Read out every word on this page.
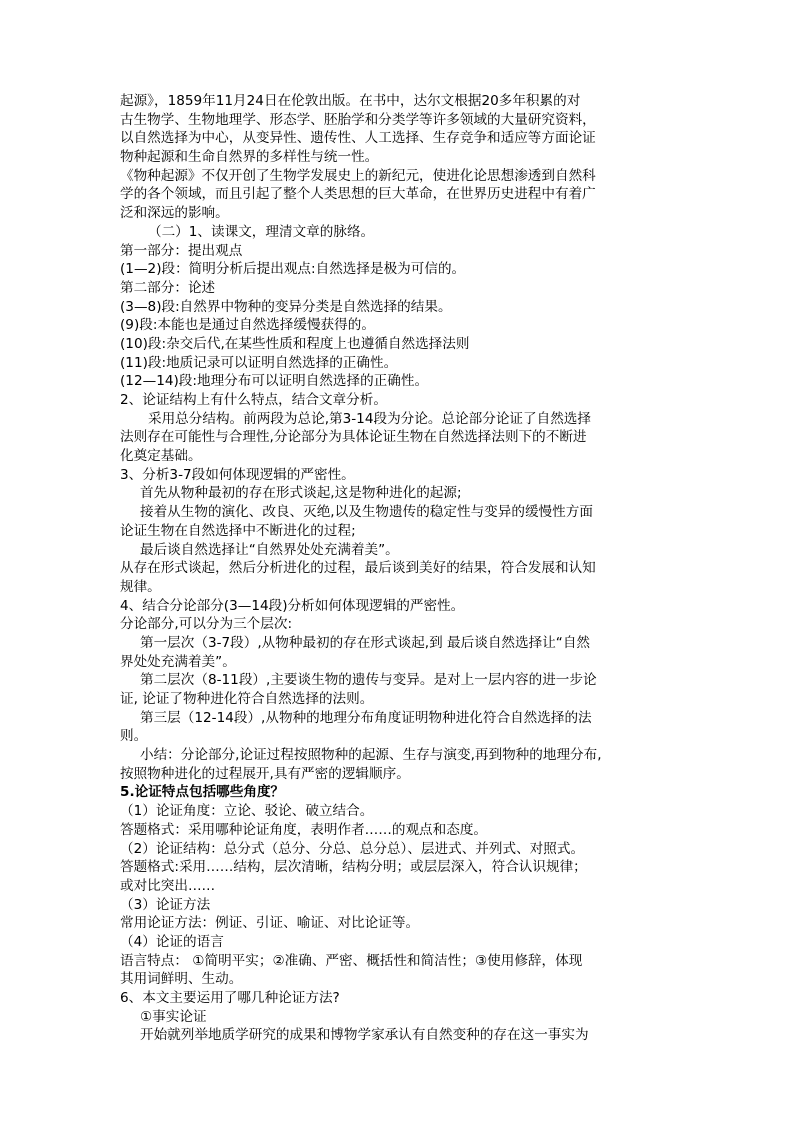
起源》，1859年11月24日在伦敦出版。在书中，达尔文根据20多年积累的对
古生物学、生物地理学、形态学、胚胎学和分类学等许多领域的大量研究资料，
以自然选择为中心，从变异性、遗传性、人工选择、生存竞争和适应等方面论证
物种起源和生命自然界的多样性与统一性。
《物种起源》不仅开创了生物学发展史上的新纪元，使进化论思想渗透到自然科
学的各个领域，而且引起了整个人类思想的巨大革命，在世界历史进程中有着广
泛和深远的影响。
（二）1、读课文，理清文章的脉络。
第一部分：提出观点
(1—2)段：简明分析后提出观点:自然选择是极为可信的。
第二部分：论述
(3—8)段:自然界中物种的变异分类是自然选择的结果。
(9)段:本能也是通过自然选择缓慢获得的。
(10)段:杂交后代,在某些性质和程度上也遵循自然选择法则
(11)段:地质记录可以证明自然选择的正确性。
(12—14)段:地理分布可以证明自然选择的正确性。
2、论证结构上有什么特点，结合文章分析。
采用总分结构。前两段为总论,第3-14段为分论。总论部分论证了自然选择
法则存在可能性与合理性,分论部分为具体论证生物在自然选择法则下的不断进
化奠定基础。
3、分析3-7段如何体现逻辑的严密性。
首先从物种最初的存在形式谈起,这是物种进化的起源;
接着从生物的演化、改良、灭绝,以及生物遗传的稳定性与变异的缓慢性方面
论证生物在自然选择中不断进化的过程;
最后谈自然选择让“自然界处处充满着美”。
从存在形式谈起，然后分析进化的过程，最后谈到美好的结果，符合发展和认知
规律。
4、结合分论部分(3—14段)分析如何体现逻辑的严密性。
分论部分,可以分为三个层次:
第一层次（3-7段）,从物种最初的存在形式谈起,到 最后谈自然选择让“自然
界处处充满着美”。
第二层次（8-11段）,主要谈生物的遗传与变异。是对上一层内容的进一步论
证, 论证了物种进化符合自然选择的法则。
第三层（12-14段）,从物种的地理分布角度证明物种进化符合自然选择的法
则。
小结：分论部分,论证过程按照物种的起源、生存与演变,再到物种的地理分布,
按照物种进化的过程展开,具有严密的逻辑顺序。
5.论证特点包括哪些角度？
（1）论证角度：立论、驳论、破立结合。
答题格式：采用哪种论证角度，表明作者……的观点和态度。
（2）论证结构：总分式（总分、分总、总分总）、层进式、并列式、对照式。
答题格式:采用……结构，层次清晰，结构分明；或层层深入，符合认识规律；
或对比突出……
（3）论证方法
常用论证方法：例证、引证、喻证、对比论证等。
（4）论证的语言
语言特点： ①简明平实；②准确、严密、概括性和简洁性；③使用修辞，体现
其用词鲜明、生动。
6、本文主要运用了哪几种论证方法?
①事实论证
开始就列举地质学研究的成果和博物学家承认有自然变种的存在这一事实为
